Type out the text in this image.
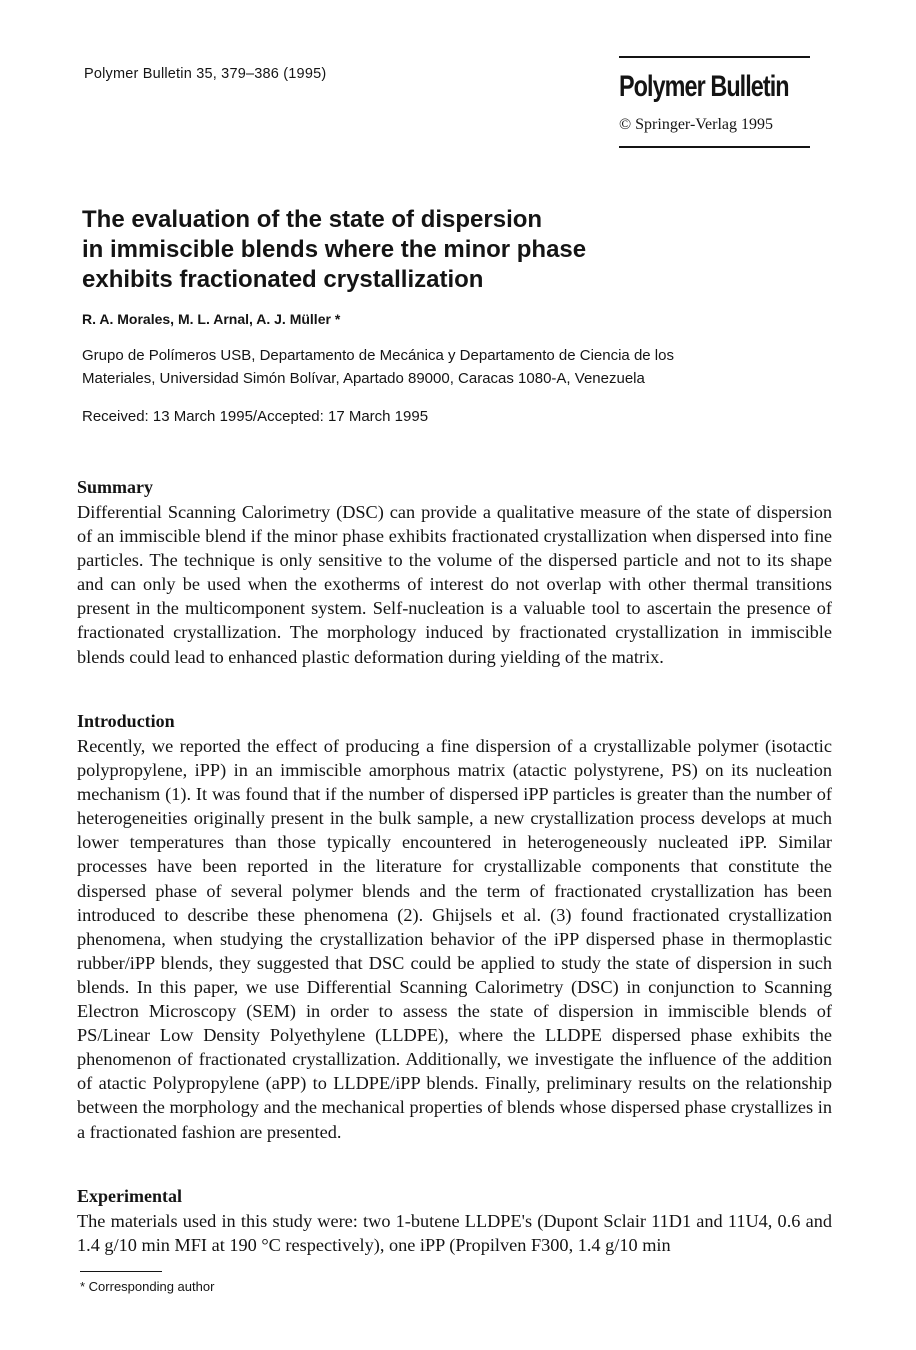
Polymer Bulletin 35, 379–386 (1995)	Polymer Bulletin
© Springer-Verlag 1995
The evaluation of the state of dispersion
in immiscible blends where the minor phase
exhibits fractionated crystallization
R. A. Morales, M. L. Arnal, A. J. Müller *
Grupo de Polímeros USB, Departamento de Mecánica y Departamento de Ciencia de los
Materiales, Universidad Simón Bolívar, Apartado 89000, Caracas 1080-A, Venezuela
Received: 13 March 1995/Accepted: 17 March 1995
Summary

Differential Scanning Calorimetry (DSC) can provide a qualitative measure of the state of dispersion of an immiscible blend if the minor phase exhibits fractionated crystallization when dispersed into fine particles. The technique is only sensitive to the volume of the dispersed particle and not to its shape and can only be used when the exotherms of interest do not overlap with other thermal transitions present in the multicomponent system. Self-nucleation is a valuable tool to ascertain the presence of fractionated crystallization. The morphology induced by fractionated crystallization in immiscible blends could lead to enhanced plastic deformation during yielding of the matrix.

Introduction

Recently, we reported the effect of producing a fine dispersion of a crystallizable polymer (isotactic polypropylene, iPP) in an immiscible amorphous matrix (atactic polystyrene, PS) on its nucleation mechanism (1). It was found that if the number of dispersed iPP particles is greater than the number of heterogeneities originally present in the bulk sample, a new crystallization process develops at much lower temperatures than those typically encountered in heterogeneously nucleated iPP. Similar processes have been reported in the literature for crystallizable components that constitute the dispersed phase of several polymer blends and the term of fractionated crystallization has been introduced to describe these phenomena (2). Ghijsels et al. (3) found fractionated crystallization phenomena, when studying the crystallization behavior of the iPP dispersed phase in thermoplastic rubber/iPP blends, they suggested that DSC could be applied to study the state of dispersion in such blends. In this paper, we use Differential Scanning Calorimetry (DSC) in conjunction to Scanning Electron Microscopy (SEM) in order to assess the state of dispersion in immiscible blends of PS/Linear Low Density Polyethylene (LLDPE), where the LLDPE dispersed phase exhibits the phenomenon of fractionated crystallization. Additionally, we investigate the influence of the addition of atactic Polypropylene (aPP) to LLDPE/iPP blends. Finally, preliminary results on the relationship between the morphology and the mechanical properties of blends whose dispersed phase crystallizes in a fractionated fashion are presented.

Experimental

The materials used in this study were: two 1-butene LLDPE's (Dupont Sclair 11D1 and 11U4, 0.6 and 1.4 g/10 min MFI at 190 °C respectively), one iPP (Propilven F300, 1.4 g/10 min

* Corresponding author
